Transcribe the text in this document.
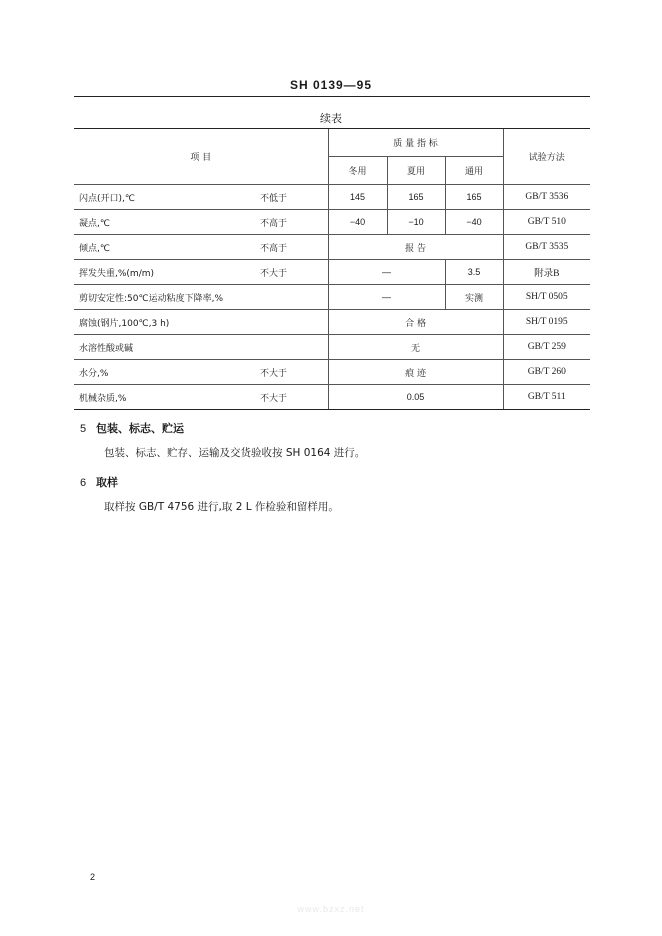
SH 0139—95
续表
项 目		质 量 指 标			试验方法
		冬用	夏用	通用	
闪点(开口),℃	不低于	145	165	165	GB/T 3536
凝点,℃	不高于	−40	−10	−40	GB/T 510
倾点,℃	不高于	报 告			GB/T 3535
挥发失重,%(m/m)	不大于	—		3.5	附录B
剪切安定性:50℃运动粘度下降率,%		—		实测	SH/T 0505
腐蚀(钢片,100℃,3 h)		合 格			SH/T 0195
水溶性酸或碱		无			GB/T 259
水分,%	不大于	痕 迹			GB/T 260
机械杂质,%	不大于	0.05			GB/T 511
5 包装、标志、贮运
包装、标志、贮存、运输及交货验收按 SH 0164 进行。
6 取样
取样按 GB/T 4756 进行,取 2 L 作检验和留样用。
2
www.bzxz.net
